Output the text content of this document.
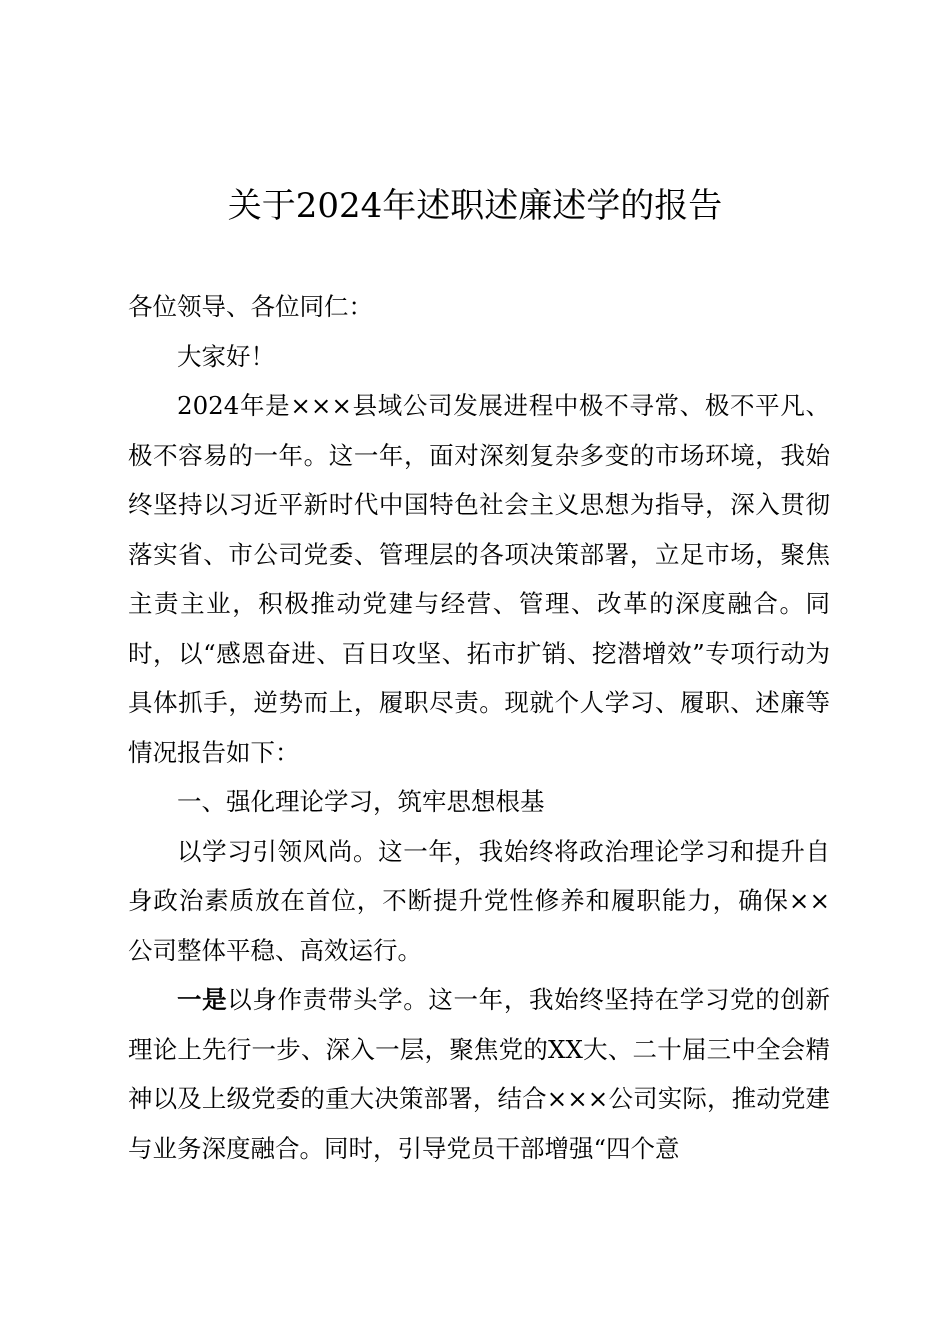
关于2024年述职述廉述学的报告

各位领导、各位同仁：

大家好！

2024年是×××县域公司发展进程中极不寻常、极不平凡、极不容易的一年。这一年，面对深刻复杂多变的市场环境，我始终坚持以习近平新时代中国特色社会主义思想为指导，深入贯彻落实省、市公司党委、管理层的各项决策部署，立足市场，聚焦主责主业，积极推动党建与经营、管理、改革的深度融合。同时，以“感恩奋进、百日攻坚、拓市扩销、挖潜增效”专项行动为具体抓手，逆势而上，履职尽责。现就个人学习、履职、述廉等情况报告如下：

一、强化理论学习，筑牢思想根基

以学习引领风尚。这一年，我始终将政治理论学习和提升自身政治素质放在首位，不断提升党性修养和履职能力，确保××公司整体平稳、高效运行。

一是以身作责带头学。这一年，我始终坚持在学习党的创新理论上先行一步、深入一层，聚焦党的XX大、二十届三中全会精神以及上级党委的重大决策部署，结合×××公司实际，推动党建与业务深度融合。同时，引导党员干部增强“四个意
